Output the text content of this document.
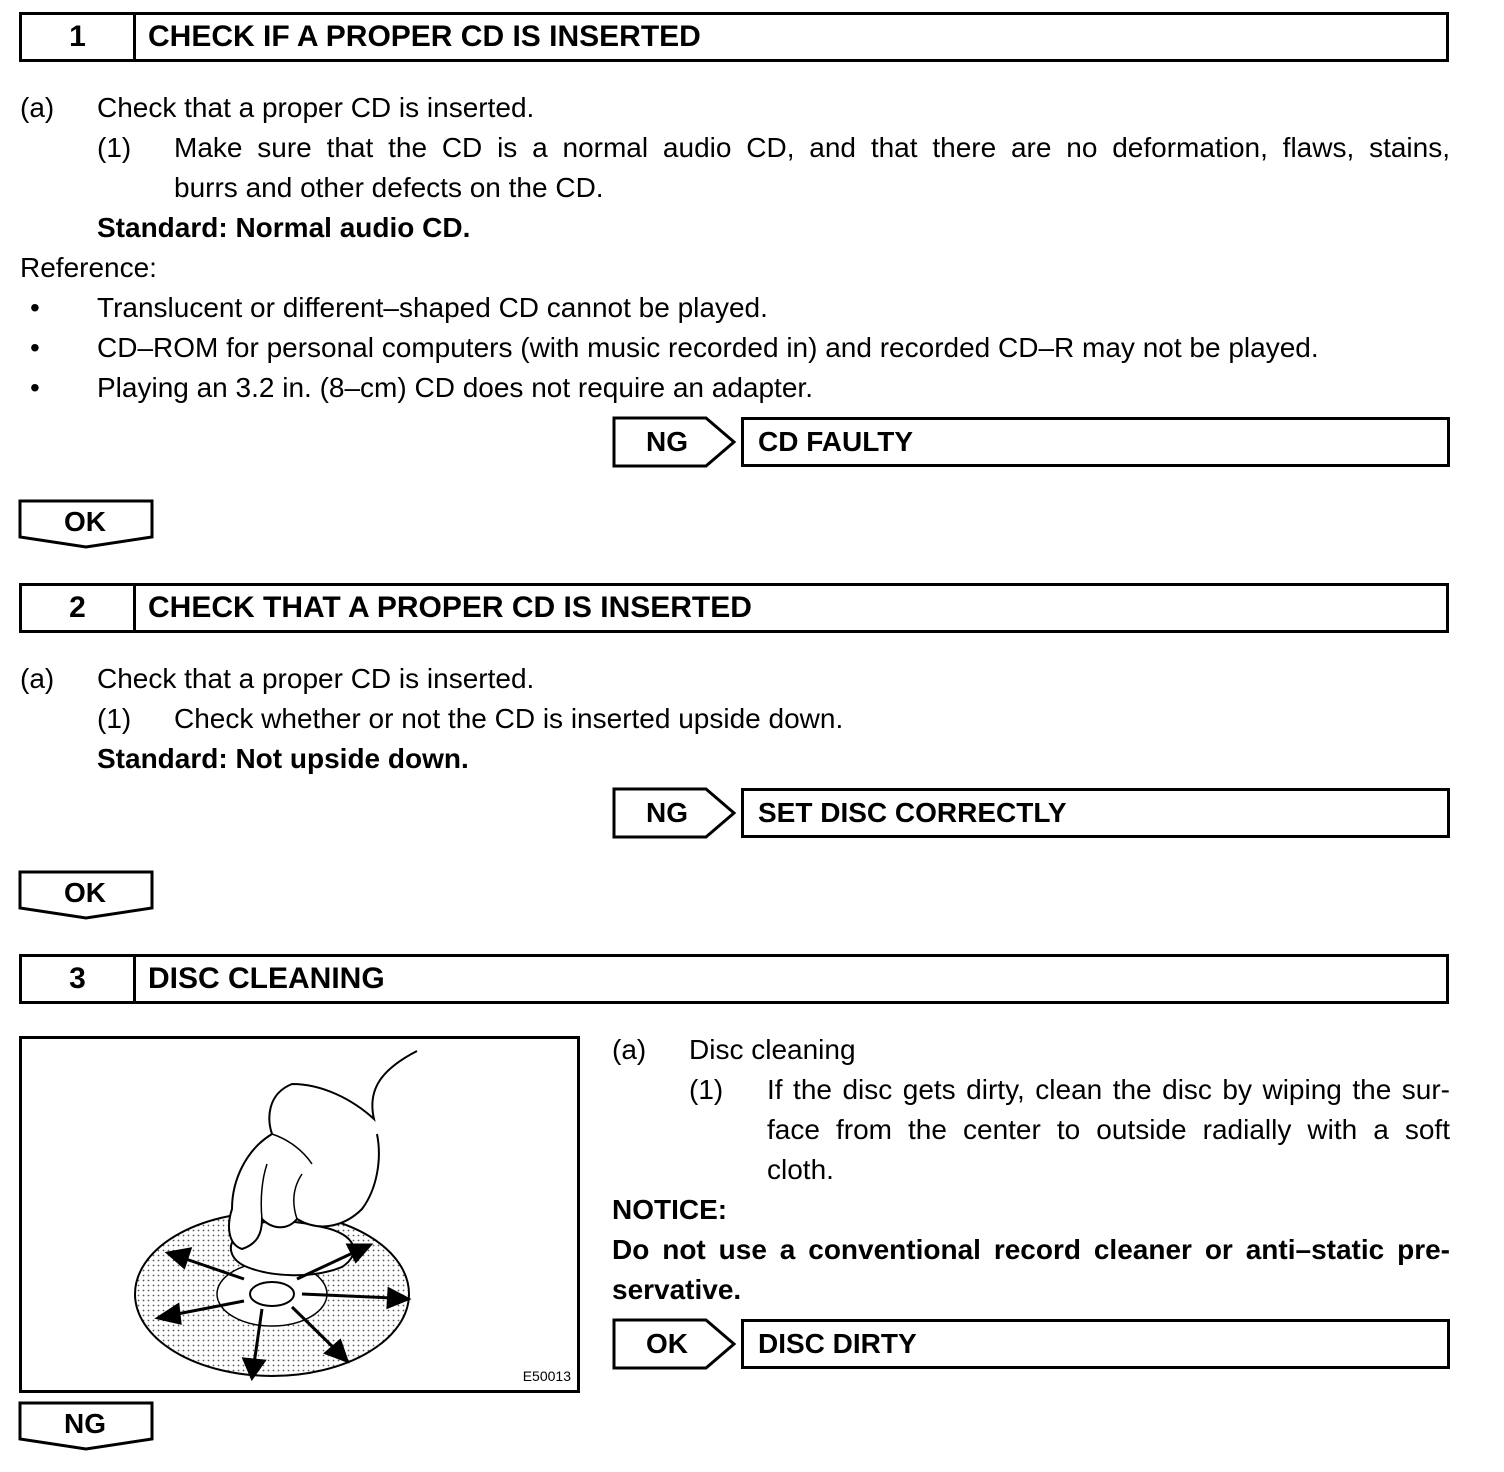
1	CHECK IF A PROPER CD IS INSERTED
(a) Check that a proper CD is inserted.
(1) Make sure that the CD is a normal audio CD, and that there are no deformation, flaws, stains,
burrs and other defects on the CD.
Standard: Normal audio CD.
Reference:
• Translucent or different–shaped CD cannot be played.
• CD–ROM for personal computers (with music recorded in) and recorded CD–R may not be played.
• Playing an 3.2 in. (8–cm) CD does not require an adapter.
NG	CD FAULTY
OK
2	CHECK THAT A PROPER CD IS INSERTED
(a) Check that a proper CD is inserted.
(1) Check whether or not the CD is inserted upside down.
Standard: Not upside down.
NG	SET DISC CORRECTLY
OK
3	DISC CLEANING
E50013
(a) Disc cleaning
(1) If the disc gets dirty, clean the disc by wiping the sur-
face from the center to outside radially with a soft
cloth.
NOTICE:
Do not use a conventional record cleaner or anti–static pre-
servative.
OK	DISC DIRTY
NG
